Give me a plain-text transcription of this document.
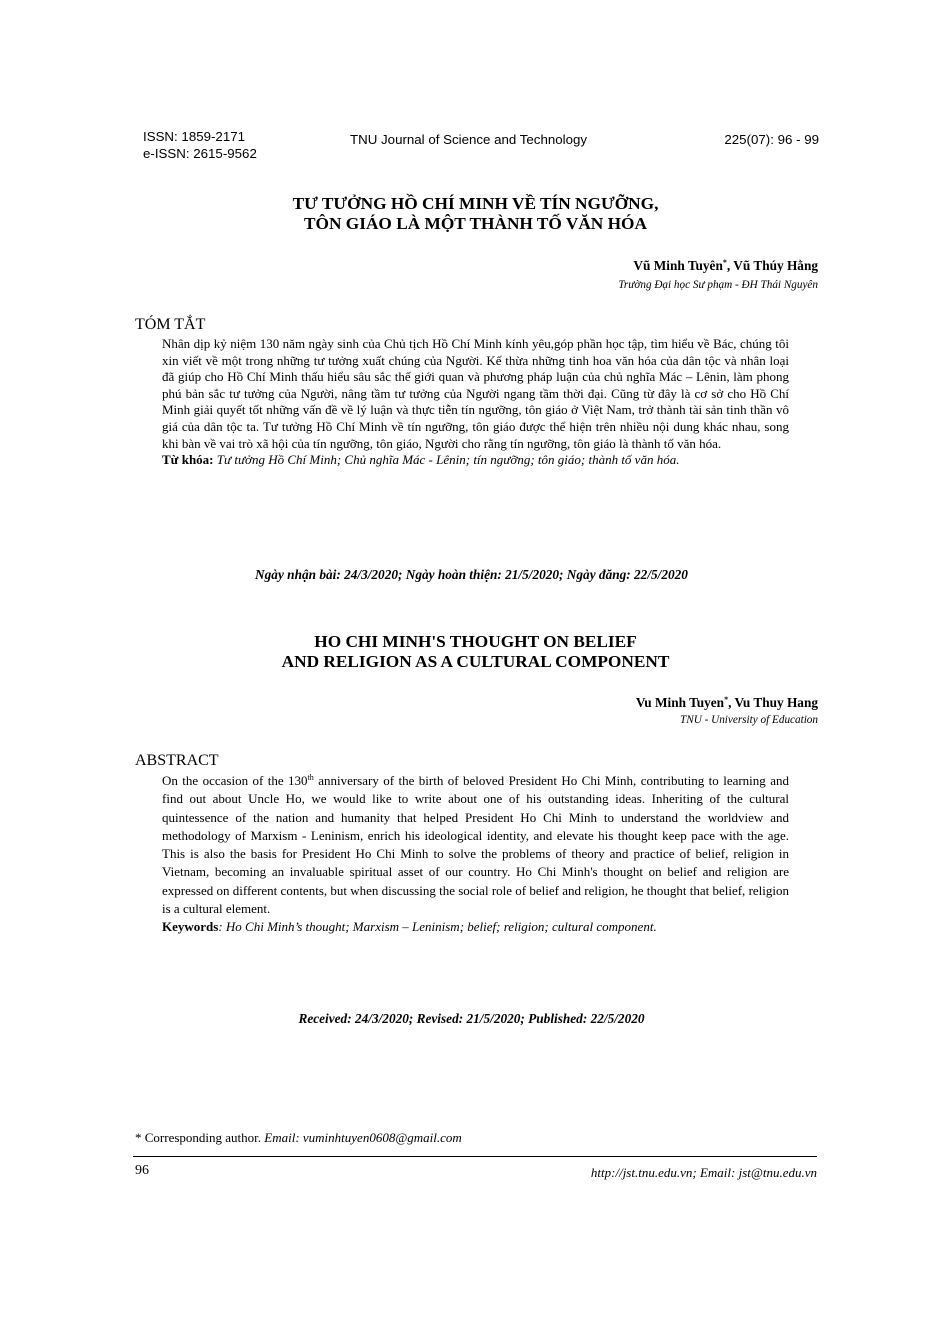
ISSN: 1859-2171
e-ISSN: 2615-9562
TNU Journal of Science and Technology	225(07): 96 - 99
TƯ TƯỞNG HỒ CHÍ MINH VỀ TÍN NGƯỠNG,
TÔN GIÁO LÀ MỘT THÀNH TỐ VĂN HÓA
Vũ Minh Tuyên*, Vũ Thúy Hằng
Trường Đại học Sư phạm - ĐH Thái Nguyên
TÓM TẮT
Nhân dịp kỷ niệm 130 năm ngày sinh của Chủ tịch Hồ Chí Minh kính yêu,góp phần học tập, tìm hiểu về Bác, chúng tôi xin viết về một trong những tư tưởng xuất chúng của Người. Kế thừa những tinh hoa văn hóa của dân tộc và nhân loại đã giúp cho Hồ Chí Minh thấu hiểu sâu sắc thế giới quan và phương pháp luận của chủ nghĩa Mác – Lênin, làm phong phú bản sắc tư tưởng của Người, nâng tầm tư tưởng của Người ngang tầm thời đại. Cũng từ đây là cơ sở cho Hồ Chí Minh giải quyết tốt những vấn đề về lý luận và thực tiễn tín ngưỡng, tôn giáo ở Việt Nam, trở thành tài sản tinh thần vô giá của dân tộc ta. Tư tưởng Hồ Chí Minh về tín ngưỡng, tôn giáo được thể hiện trên nhiều nội dung khác nhau, song khi bàn về vai trò xã hội của tín ngưỡng, tôn giáo, Người cho rằng tín ngưỡng, tôn giáo là thành tố văn hóa.
Từ khóa: Tư tưởng Hồ Chí Minh; Chủ nghĩa Mác - Lênin; tín ngưỡng; tôn giáo; thành tố văn hóa.
Ngày nhận bài: 24/3/2020; Ngày hoàn thiện: 21/5/2020; Ngày đăng: 22/5/2020
HO CHI MINH'S THOUGHT ON BELIEF
AND RELIGION AS A CULTURAL COMPONENT
Vu Minh Tuyen*, Vu Thuy Hang
TNU - University of Education
ABSTRACT
On the occasion of the 130th anniversary of the birth of beloved President Ho Chi Minh, contributing to learning and find out about Uncle Ho, we would like to write about one of his outstanding ideas. Inheriting of the cultural quintessence of the nation and humanity that helped President Ho Chi Minh to understand the worldview and methodology of Marxism - Leninism, enrich his ideological identity, and elevate his thought keep pace with the age. This is also the basis for President Ho Chi Minh to solve the problems of theory and practice of belief, religion in Vietnam, becoming an invaluable spiritual asset of our country. Ho Chi Minh's thought on belief and religion are expressed on different contents, but when discussing the social role of belief and religion, he thought that belief, religion is a cultural element.
Keywords: Ho Chi Minh’s thought; Marxism – Leninism; belief; religion; cultural component.
Received: 24/3/2020; Revised: 21/5/2020; Published: 22/5/2020
* Corresponding author. Email: vuminhtuyen0608@gmail.com
96	http://jst.tnu.edu.vn; Email: jst@tnu.edu.vn
